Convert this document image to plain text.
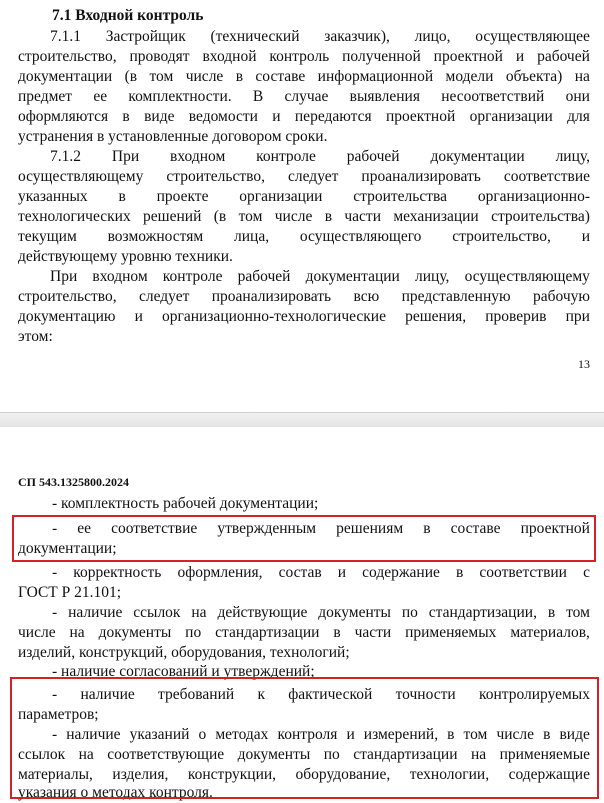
7.1 Входной контроль
7.1.1 Застройщик (технический заказчик), лицо, осуществляющее
строительство, проводят входной контроль полученной проектной и рабочей
документации (в том числе в составе информационной модели объекта) на
предмет ее комплектности. В случае выявления несоответствий они
оформляются в виде ведомости и передаются проектной организации для
устранения в установленные договором сроки.
7.1.2 При входном контроле рабочей документации лицу,
осуществляющему строительство, следует проанализировать соответствие
указанных в проекте организации строительства организационно-
технологических решений (в том числе в части механизации строительства)
текущим возможностям лица, осуществляющего строительство, и
действующему уровню техники.
При входном контроле рабочей документации лицу, осуществляющему
строительство, следует проанализировать всю представленную рабочую
документацию и организационно-технологические решения, проверив при
этом:
13
СП 543.1325800.2024
- комплектность рабочей документации;
- ее соответствие утвержденным решениям в составе проектной
документации;
- корректность оформления, состав и содержание в соответствии с
ГОСТ Р 21.101;
- наличие ссылок на действующие документы по стандартизации, в том
числе на документы по стандартизации в части применяемых материалов,
изделий, конструкций, оборудования, технологий;
- наличие согласований и утверждений;
- наличие требований к фактической точности контролируемых
параметров;
- наличие указаний о методах контроля и измерений, в том числе в виде
ссылок на соответствующие документы по стандартизации на применяемые
материалы, изделия, конструкции, оборудование, технологии, содержащие
указания о методах контроля.
